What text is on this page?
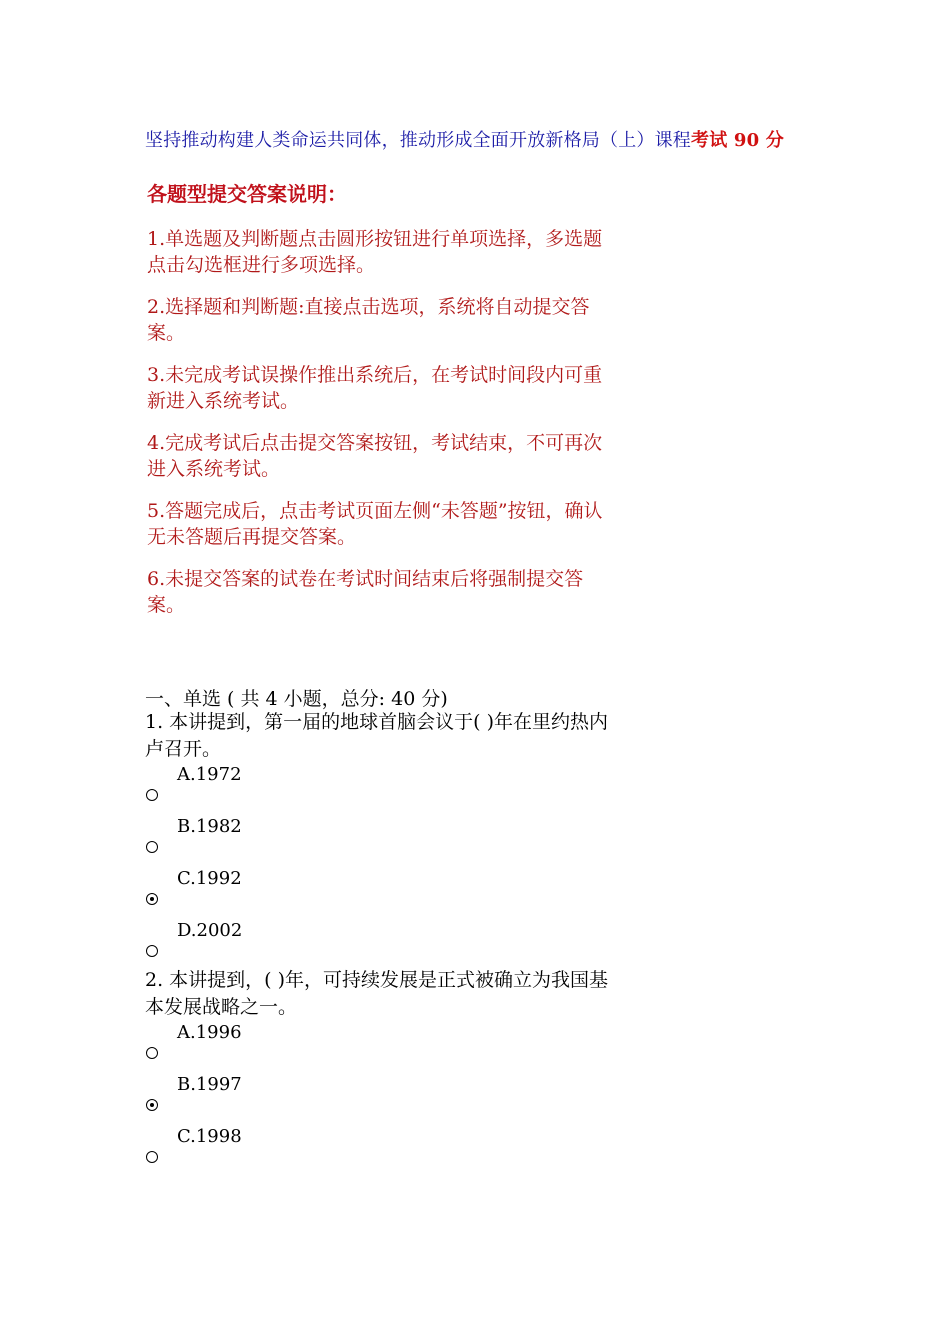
坚持推动构建人类命运共同体，推动形成全面开放新格局（上）课程考试 90 分
各题型提交答案说明：
1.单选题及判断题点击圆形按钮进行单项选择，多选题点击勾选框进行多项选择。
2.选择题和判断题:直接点击选项，系统将自动提交答案。
3.未完成考试误操作推出系统后，在考试时间段内可重新进入系统考试。
4.完成考试后点击提交答案按钮，考试结束，不可再次进入系统考试。
5.答题完成后，点击考试页面左侧“未答题”按钮，确认无未答题后再提交答案。
6.未提交答案的试卷在考试时间结束后将强制提交答案。
一、单选 ( 共 4 小题，总分: 40 分)
1. 本讲提到，第一届的地球首脑会议于( )年在里约热内卢召开。
A.1972
B.1982
C.1992
D.2002
2. 本讲提到，( )年，可持续发展是正式被确立为我国基本发展战略之一。
A.1996
B.1997
C.1998
